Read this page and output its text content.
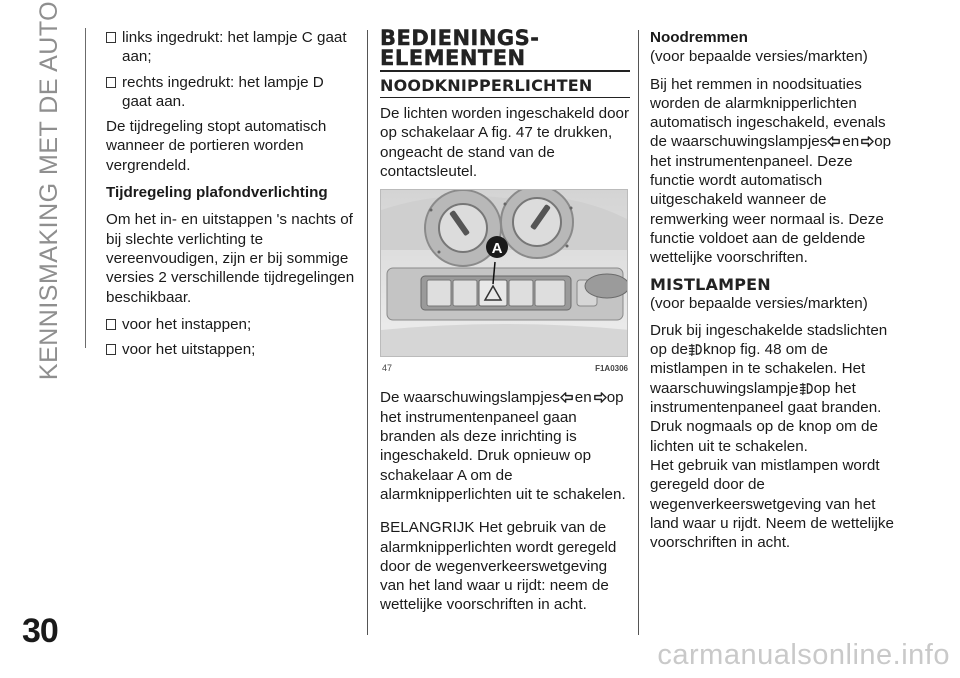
KENNISMAKING MET DE AUTO	links ingedrukt: het lampje C gaat aan;
rechts ingedrukt: het lampje D gaat aan.

De tijdregeling stopt automatisch wanneer de portieren worden vergrendeld.

Tijdregeling plafondverlichting

Om het in- en uitstappen 's nachts of bij slechte verlichting te vereenvoudigen, zijn er bij sommige versies 2 verschillende tijdregelingen beschikbaar.

voor het instappen;
voor het uitstappen;
BEDIENINGS-
ELEMENTEN
NOODKNIPPERLICHTEN

De lichten worden ingeschakeld door op schakelaar A fig. 47 te drukken, ongeacht de stand van de contactsleutel.

A
47	F1A0306

De waarschuwingslampjes en op het instrumentenpaneel gaan branden als deze inrichting is ingeschakeld. Druk opnieuw op schakelaar A om de alarmknipperlichten uit te schakelen.

BELANGRIJK Het gebruik van de alarmknipperlichten wordt geregeld door de wegenverkeerswetgeving van het land waar u rijdt: neem de wettelijke voorschriften in acht.

Noodremmen

(voor bepaalde versies/markten)

Bij het remmen in noodsituaties worden de alarmknipperlichten automatisch ingeschakeld, evenals de waarschuwingslampjes en op het instrumentenpaneel. Deze functie wordt automatisch uitgeschakeld wanneer de remwerking weer normaal is. Deze functie voldoet aan de geldende wettelijke voorschriften.

MISTLAMPEN

(voor bepaalde versies/markten)

Druk bij ingeschakelde stadslichten op de knop fig. 48 om de mistlampen in te schakelen. Het waarschuwingslampje op het instrumentenpaneel gaat branden.

Druk nogmaals op de knop om de lichten uit te schakelen.

Het gebruik van mistlampen wordt geregeld door de wegenverkeerswetgeving van het land waar u rijdt. Neem de wettelijke voorschriften in acht.

30
carmanualsonline.info
